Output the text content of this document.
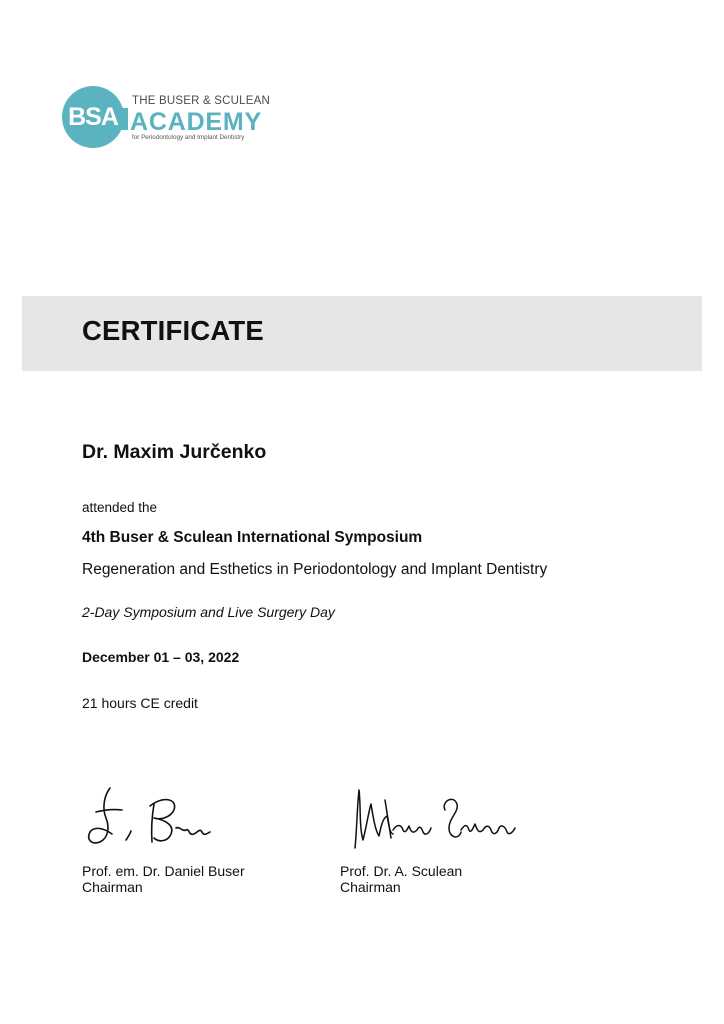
BSA
THE BUSER & SCULEAN
ACADEMY
for Periodontology and Implant Dentistry
CERTIFICATE
Dr. Maxim Jurčenko
attended the
4th Buser & Sculean International Symposium
Regeneration and Esthetics in Periodontology and Implant Dentistry
2-Day Symposium and Live Surgery Day
December 01 – 03, 2022
21 hours CE credit
Prof. em. Dr. Daniel Buser
Chairman
Prof. Dr. A. Sculean
Chairman
